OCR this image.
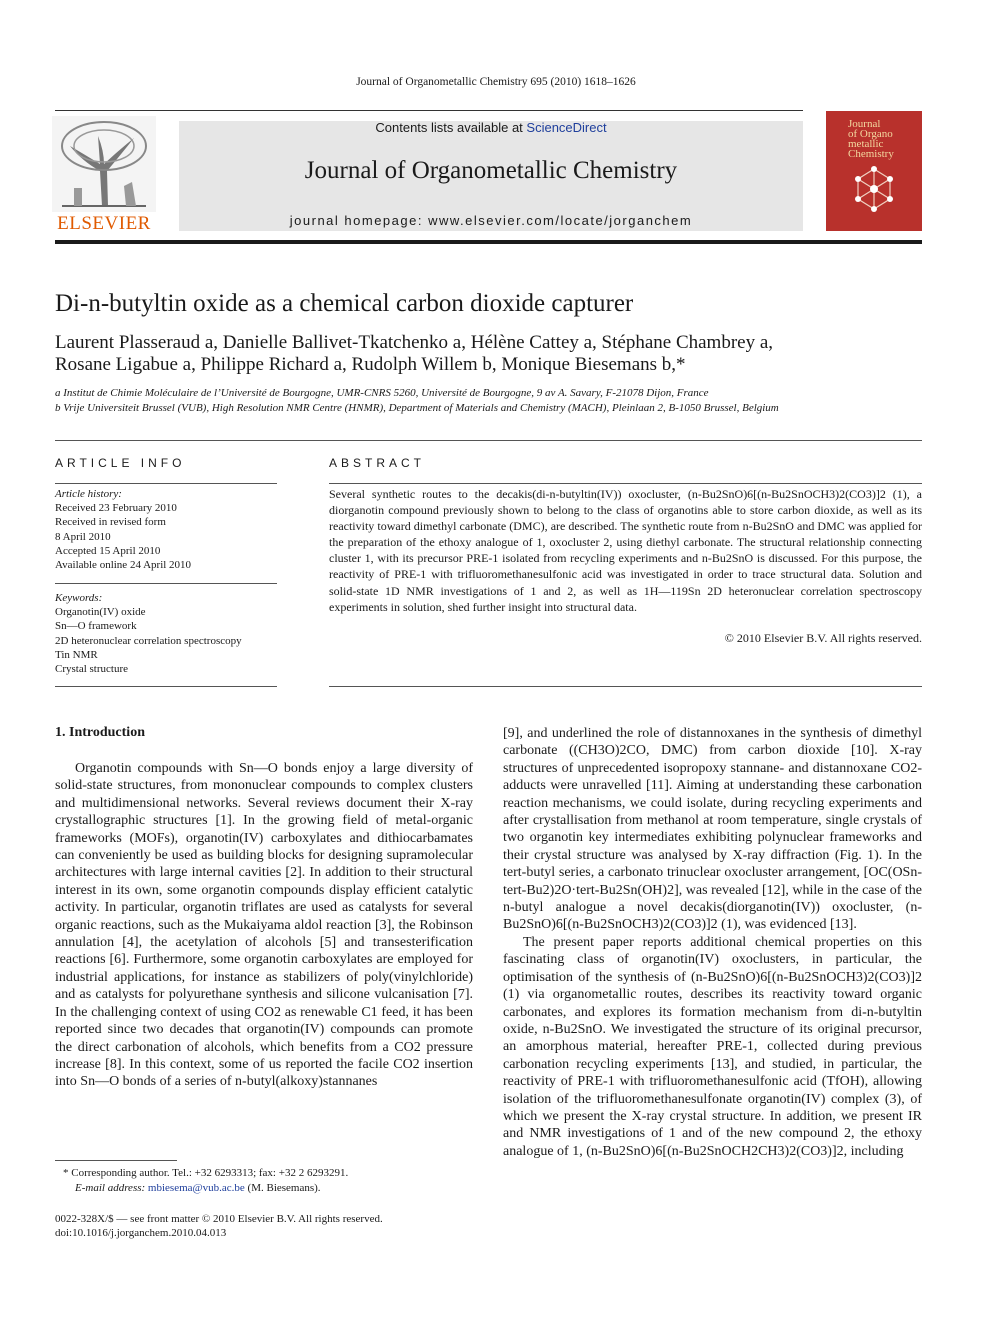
Journal of Organometallic Chemistry 695 (2010) 1618–1626
ELSEVIER
Contents lists available at ScienceDirect
Journal of Organometallic Chemistry
journal homepage: www.elsevier.com/locate/jorganchem
Journal
of Organo
metallic
Chemistry
Di-n-butyltin oxide as a chemical carbon dioxide capturer
Laurent Plasseraud a, Danielle Ballivet-Tkatchenko a, Hélène Cattey a, Stéphane Chambrey a,
Rosane Ligabue a, Philippe Richard a, Rudolph Willem b, Monique Biesemans b,*
a Institut de Chimie Moléculaire de l’Université de Bourgogne, UMR-CNRS 5260, Université de Bourgogne, 9 av A. Savary, F-21078 Dijon, France
b Vrije Universiteit Brussel (VUB), High Resolution NMR Centre (HNMR), Department of Materials and Chemistry (MACH), Pleinlaan 2, B-1050 Brussel, Belgium
ARTICLE INFO
Article history:
Received 23 February 2010
Received in revised form
8 April 2010
Accepted 15 April 2010
Available online 24 April 2010
Keywords:
Organotin(IV) oxide
Sn—O framework
2D heteronuclear correlation spectroscopy
Tin NMR
Crystal structure
ABSTRACT
Several synthetic routes to the decakis(di-n-butyltin(IV)) oxocluster, (n-Bu2SnO)6[(n-Bu2SnOCH3)2(CO3)]2 (1), a diorganotin compound previously shown to belong to the class of organotins able to store carbon dioxide, as well as its reactivity toward dimethyl carbonate (DMC), are described. The synthetic route from n-Bu2SnO and DMC was applied for the preparation of the ethoxy analogue of 1, oxocluster 2, using diethyl carbonate. The structural relationship connecting cluster 1, with its precursor PRE-1 isolated from recycling experiments and n-Bu2SnO is discussed. For this purpose, the reactivity of PRE-1 with trifluoromethanesulfonic acid was investigated in order to trace structural data. Solution and solid-state 1D NMR investigations of 1 and 2, as well as 1H—119Sn 2D heteronuclear correlation spectroscopy experiments in solution, shed further insight into structural data.
© 2010 Elsevier B.V. All rights reserved.
1. Introduction

Organotin compounds with Sn—O bonds enjoy a large diversity of solid-state structures, from mononuclear compounds to complex clusters and multidimensional networks. Several reviews document their X-ray crystallographic structures [1]. In the growing field of metal-organic frameworks (MOFs), organotin(IV) carboxylates and dithiocarbamates can conveniently be used as building blocks for designing supramolecular architectures with large internal cavities [2]. In addition to their structural interest in its own, some organotin compounds display efficient catalytic activity. In particular, organotin triflates are used as catalysts for several organic reactions, such as the Mukaiyama aldol reaction [3], the Robinson annulation [4], the acetylation of alcohols [5] and transesterification reactions [6]. Furthermore, some organotin carboxylates are employed for industrial applications, for instance as stabilizers of poly(vinylchloride) and as catalysts for polyurethane synthesis and silicone vulcanisation [7]. In the challenging context of using CO2 as renewable C1 feed, it has been reported since two decades that organotin(IV) compounds can promote the direct carbonation of alcohols, which benefits from a CO2 pressure increase [8]. In this context, some of us reported the facile CO2 insertion into Sn—O bonds of a series of n-butyl(alkoxy)stannanes

[9], and underlined the role of distannoxanes in the synthesis of dimethyl carbonate ((CH3O)2CO, DMC) from carbon dioxide [10]. X-ray structures of unprecedented isopropoxy stannane- and distannoxane CO2-adducts were unravelled [11]. Aiming at understanding these carbonation reaction mechanisms, we could isolate, during recycling experiments and after crystallisation from methanol at room temperature, single crystals of two organotin key intermediates exhibiting polynuclear frameworks and their crystal structure was analysed by X-ray diffraction (Fig. 1). In the tert-butyl series, a carbonato trinuclear oxocluster arrangement, [OC(OSn-tert-Bu2)2O·tert-Bu2Sn(OH)2], was revealed [12], while in the case of the n-butyl analogue a novel decakis(diorganotin(IV)) oxocluster, (n-Bu2SnO)6[(n-Bu2SnOCH3)2(CO3)]2 (1), was evidenced [13].

The present paper reports additional chemical properties on this fascinating class of organotin(IV) oxoclusters, in particular, the optimisation of the synthesis of (n-Bu2SnO)6[(n-Bu2SnOCH3)2(CO3)]2 (1) via organometallic routes, describes its reactivity toward organic carbonates, and explores its formation mechanism from di-n-butyltin oxide, n-Bu2SnO. We investigated the structure of its original precursor, an amorphous material, hereafter PRE-1, collected during previous carbonation recycling experiments [13], and studied, in particular, the reactivity of PRE-1 with trifluoromethanesulfonic acid (TfOH), allowing isolation of the trifluoromethanesulfonate organotin(IV) complex (3), of which we present the X-ray crystal structure. In addition, we present IR and NMR investigations of 1 and of the new compound 2, the ethoxy analogue of 1, (n-Bu2SnO)6[(n-Bu2SnOCH2CH3)2(CO3)]2, including

* Corresponding author. Tel.: +32 6293313; fax: +32 2 6293291.
E-mail address: mbiesema@vub.ac.be (M. Biesemans).
0022-328X/$ — see front matter © 2010 Elsevier B.V. All rights reserved.
doi:10.1016/j.jorganchem.2010.04.013
